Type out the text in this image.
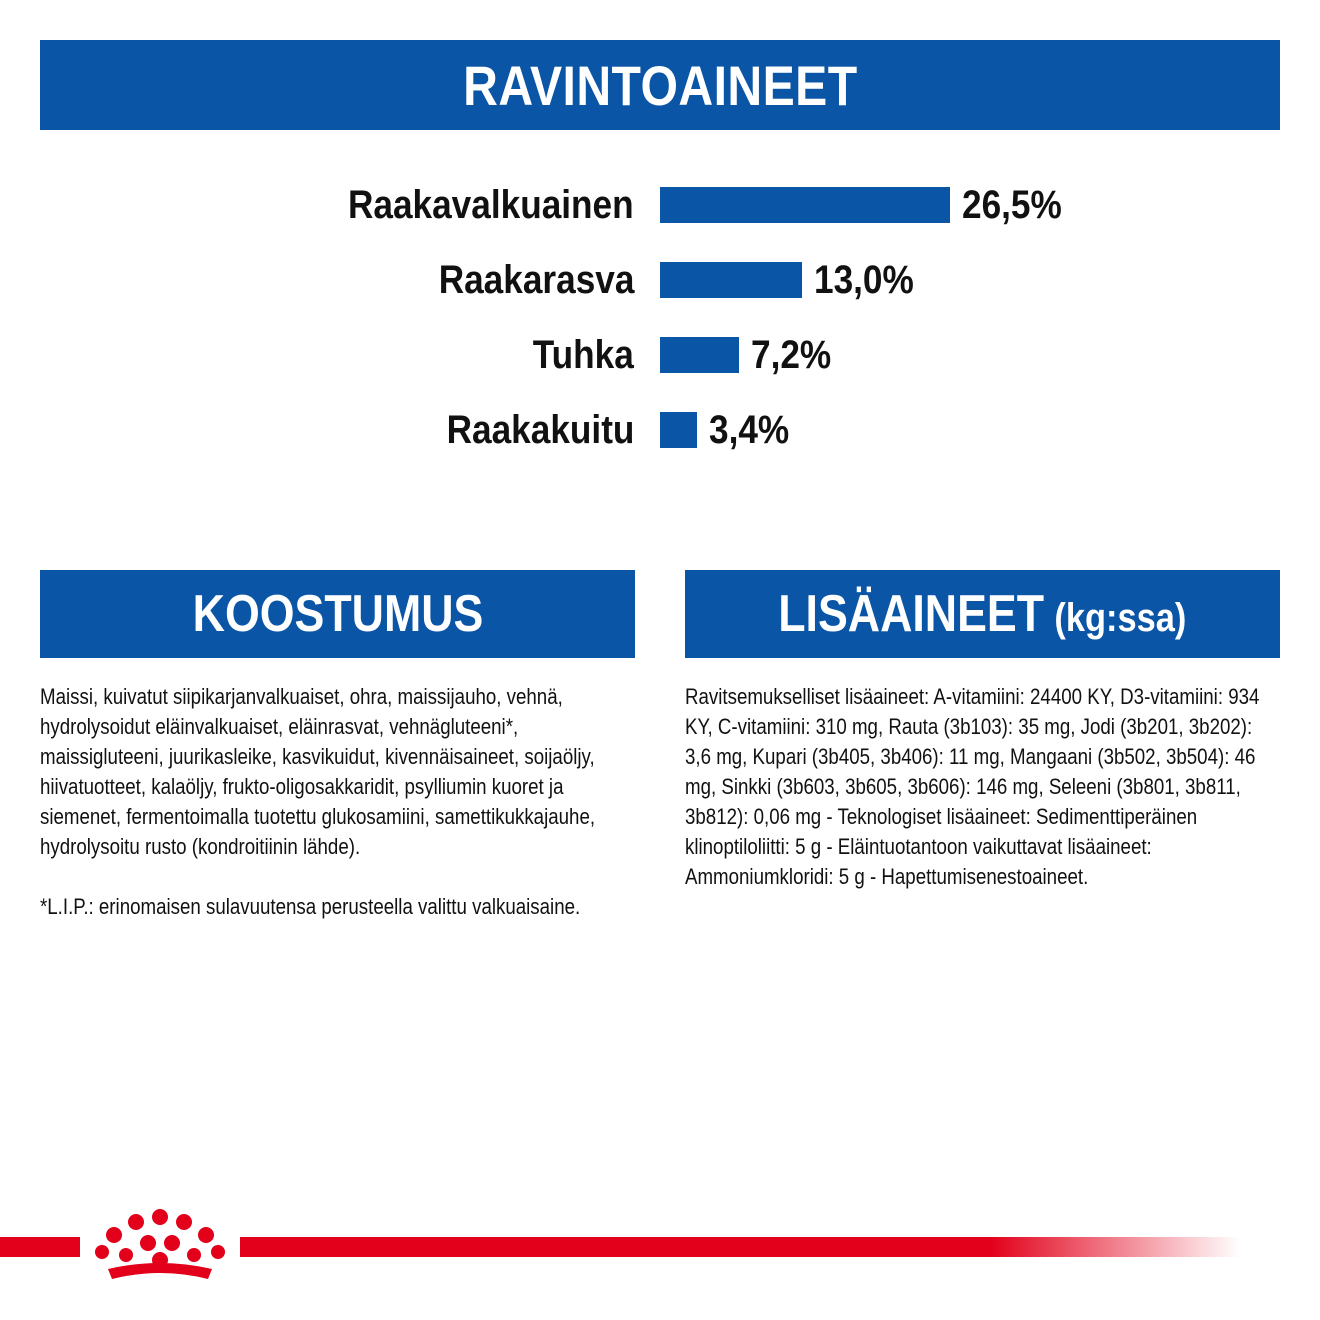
RAVINTOAINEET
Raakavalkuainen	26,5%
Raakarasva	13,0%
Tuhka	7,2%
Raakakuitu 3,4%
KOOSTUMUS	LISÄAINEET (kg:ssa)

Maissi, kuivatut siipikarjanvalkuaiset, ohra, maissijauho, vehnä, hydrolysoidut eläinvalkuaiset, eläinrasvat, vehnägluteeni*, maissigluteeni, juurikasleike, kasvikuidut, kivennäisaineet, soijaöljy, hiivatuotteet, kalaöljy, frukto-oligosakkaridit, psylliumin kuoret ja siemenet, fermentoimalla tuotettu glukosamiini, samettikukkajauhe, hydrolysoitu rusto (kondroitiinin lähde).

*L.I.P.: erinomaisen sulavuutensa perusteella valittu valkuaisaine.

Ravitsemukselliset lisäaineet: A-vitamiini: 24400 KY, D3-vitamiini: 934 KY, C-vitamiini: 310 mg, Rauta (3b103): 35 mg, Jodi (3b201, 3b202): 3,6 mg, Kupari (3b405, 3b406): 11 mg, Mangaani (3b502, 3b504): 46 mg, Sinkki (3b603, 3b605, 3b606): 146 mg, Seleeni (3b801, 3b811, 3b812): 0,06 mg - Teknologiset lisäaineet: Sedimenttiperäinen klinoptiloliitti: 5 g - Eläintuotantoon vaikuttavat lisäaineet: Ammoniumkloridi: 5 g - Hapettumisenestoaineet.
